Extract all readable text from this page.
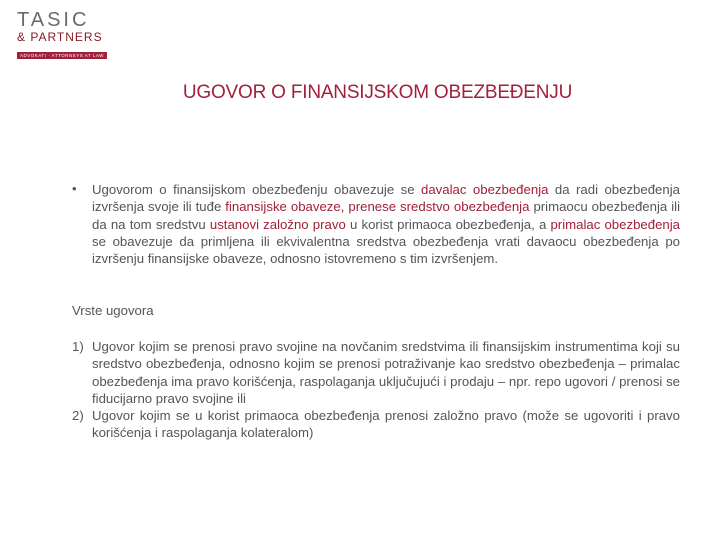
TASIC
& PARTNERS
ADVOKATI · ATTORNEYS AT LAW
UGOVOR O FINANSIJSKOM OBEZBEĐENJU
• Ugovorom o finansijskom obezbeđenju obavezuje se davalac obezbeđenja da radi obezbeđenja izvršenja svoje ili tuđe finansijske obaveze, prenese sredstvo obezbeđenja primaocu obezbeđenja ili da na tom sredstvu ustanovi založno pravo u korist primaoca obezbeđenja, a primalac obezbeđenja se obavezuje da primljena ili ekvivalentna sredstva obezbeđenja vrati davaocu obezbeđenja po izvršenju finansijske obaveze, odnosno istovremeno s tim izvršenjem.
Vrste ugovora
1) Ugovor kojim se prenosi pravo svojine na novčanim sredstvima ili finansijskim instrumentima koji su sredstvo obezbeđenja, odnosno kojim se prenosi potraživanje kao sredstvo obezbeđenja – primalac obezbeđenja ima pravo korišćenja, raspolaganja uključujući i prodaju – npr. repo ugovori / prenosi se fiducijarno pravo svojine ili
2) Ugovor kojim se u korist primaoca obezbeđenja prenosi založno pravo (može se ugovoriti i pravo korišćenja i raspolaganja kolateralom)
